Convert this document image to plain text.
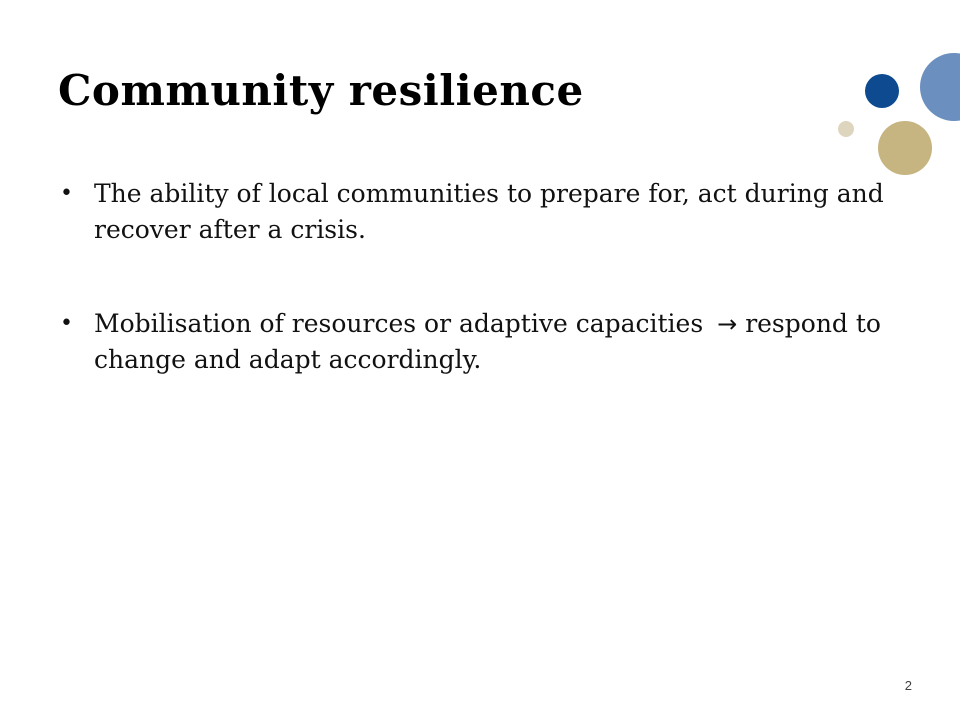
Community resilience
• The ability of local communities to prepare for, act during and recover after a crisis.
• Mobilisation of resources or adaptive capacities → respond to change and adapt accordingly.
2
